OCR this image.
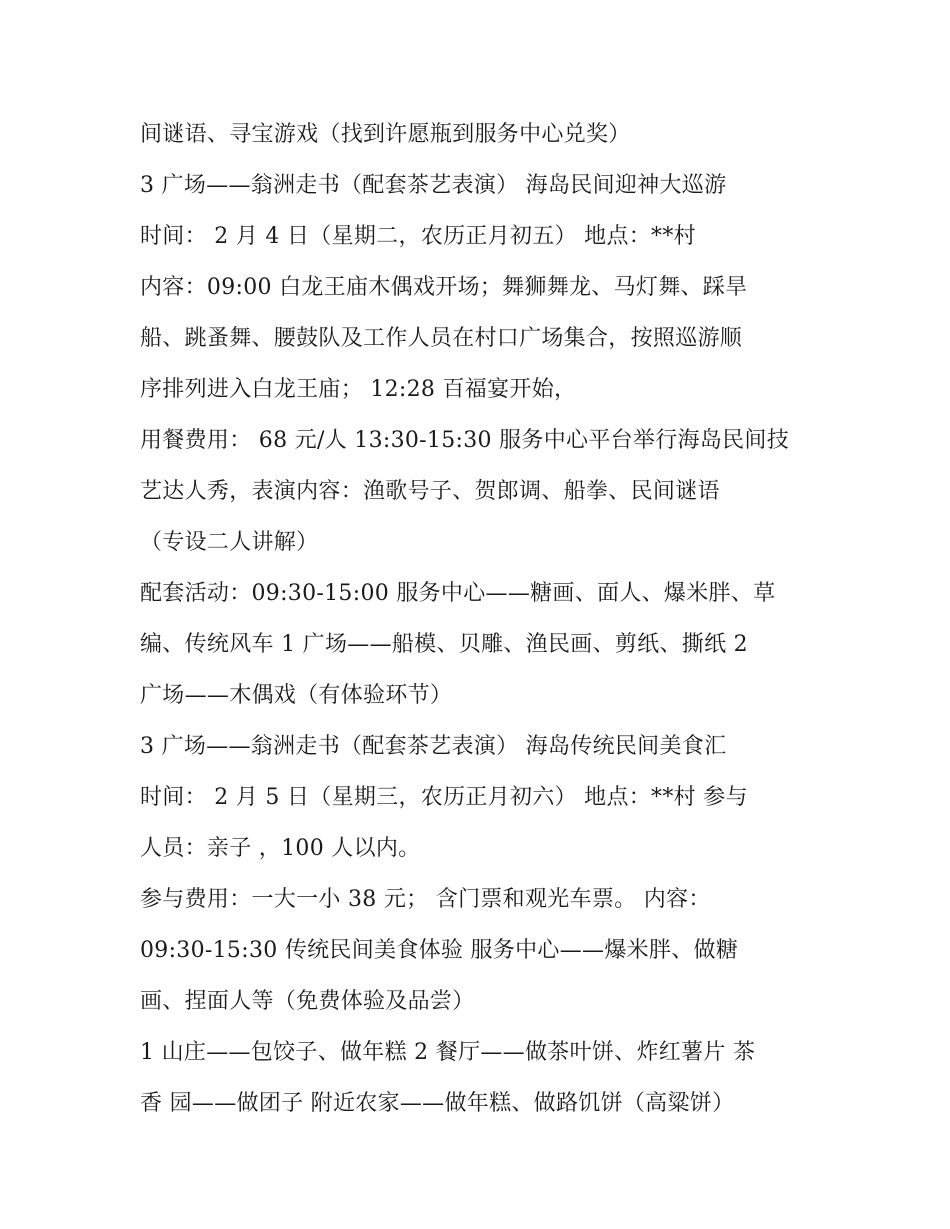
间谜语、寻宝游戏（找到许愿瓶到服务中心兑奖）
3 广场——翁洲走书（配套茶艺表演） 海岛民间迎神大巡游
时间： 2 月 4 日（星期二，农历正月初五） 地点：**村
内容：09:00 白龙王庙木偶戏开场；舞狮舞龙、马灯舞、踩旱
船、跳蚤舞、腰鼓队及工作人员在村口广场集合，按照巡游顺
序排列进入白龙王庙； 12:28 百福宴开始，
用餐费用： 68 元/人 13:30-15:30 服务中心平台举行海岛民间技
艺达人秀，表演内容：渔歌号子、贺郎调、船拳、民间谜语
（专设二人讲解）
配套活动：09:30-15:00 服务中心——糖画、面人、爆米胖、草
编、传统风车 1 广场——船模、贝雕、渔民画、剪纸、撕纸 2
广场——木偶戏（有体验环节）
3 广场——翁洲走书（配套茶艺表演） 海岛传统民间美食汇
时间： 2 月 5 日（星期三，农历正月初六） 地点：**村 参与
人员：亲子 ，100 人以内。
参与费用：一大一小 38 元； 含门票和观光车票。 内容：
09:30-15:30 传统民间美食体验 服务中心——爆米胖、做糖
画、捏面人等（免费体验及品尝）
1 山庄——包饺子、做年糕 2 餐厅——做茶叶饼、炸红薯片 茶
香 园——做团子 附近农家——做年糕、做路饥饼（高粱饼）
